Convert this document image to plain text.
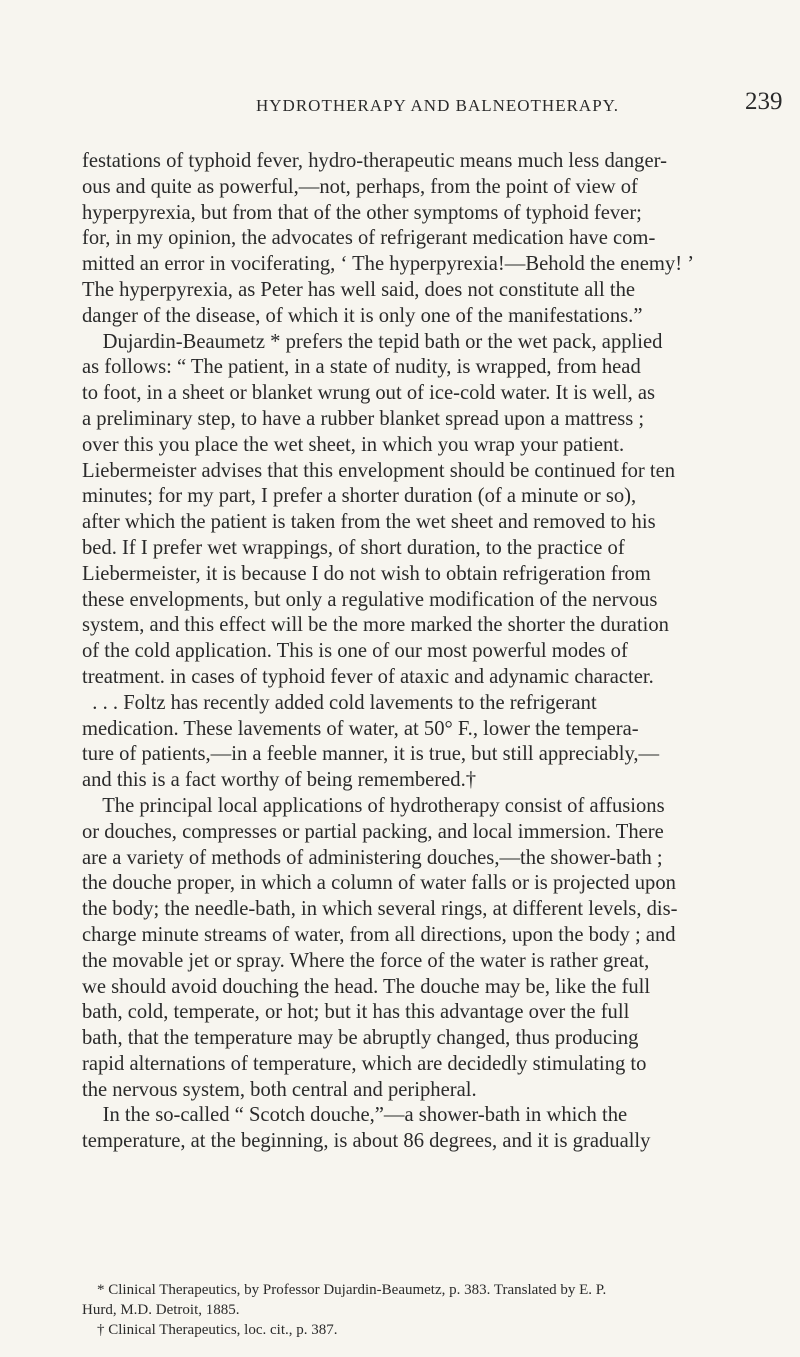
HYDROTHERAPY AND BALNEOTHERAPY.	239
festations of typhoid fever, hydro-therapeutic means much less danger-
ous and quite as powerful,—not, perhaps, from the point of view of
hyperpyrexia, but from that of the other symptoms of typhoid fever;
for, in my opinion, the advocates of refrigerant medication have com-
mitted an error in vociferating, ‘ The hyperpyrexia!—Behold the enemy! ’
The hyperpyrexia, as Peter has well said, does not constitute all the
danger of the disease, of which it is only one of the manifestations.”
Dujardin-Beaumetz * prefers the tepid bath or the wet pack, applied
as follows: “ The patient, in a state of nudity, is wrapped, from head
to foot, in a sheet or blanket wrung out of ice-cold water. It is well, as
a preliminary step, to have a rubber blanket spread upon a mattress ;
over this you place the wet sheet, in which you wrap your patient.
Liebermeister advises that this envelopment should be continued for ten
minutes; for my part, I prefer a shorter duration (of a minute or so),
after which the patient is taken from the wet sheet and removed to his
bed. If I prefer wet wrappings, of short duration, to the practice of
Liebermeister, it is because I do not wish to obtain refrigeration from
these envelopments, but only a regulative modification of the nervous
system, and this effect will be the more marked the shorter the duration
of the cold application. This is one of our most powerful modes of
treatment. in cases of typhoid fever of ataxic and adynamic character.
. . . Foltz has recently added cold lavements to the refrigerant
medication. These lavements of water, at 50° F., lower the tempera-
ture of patients,—in a feeble manner, it is true, but still appreciably,—
and this is a fact worthy of being remembered.†
The principal local applications of hydrotherapy consist of affusions
or douches, compresses or partial packing, and local immersion. There
are a variety of methods of administering douches,—the shower-bath ;
the douche proper, in which a column of water falls or is projected upon
the body; the needle-bath, in which several rings, at different levels, dis-
charge minute streams of water, from all directions, upon the body ; and
the movable jet or spray. Where the force of the water is rather great,
we should avoid douching the head. The douche may be, like the full
bath, cold, temperate, or hot; but it has this advantage over the full
bath, that the temperature may be abruptly changed, thus producing
rapid alternations of temperature, which are decidedly stimulating to
the nervous system, both central and peripheral.
In the so-called “ Scotch douche,”—a shower-bath in which the
temperature, at the beginning, is about 86 degrees, and it is gradually
* Clinical Therapeutics, by Professor Dujardin-Beaumetz, p. 383. Translated by E. P.
Hurd, M.D. Detroit, 1885.
† Clinical Therapeutics, loc. cit., p. 387.
